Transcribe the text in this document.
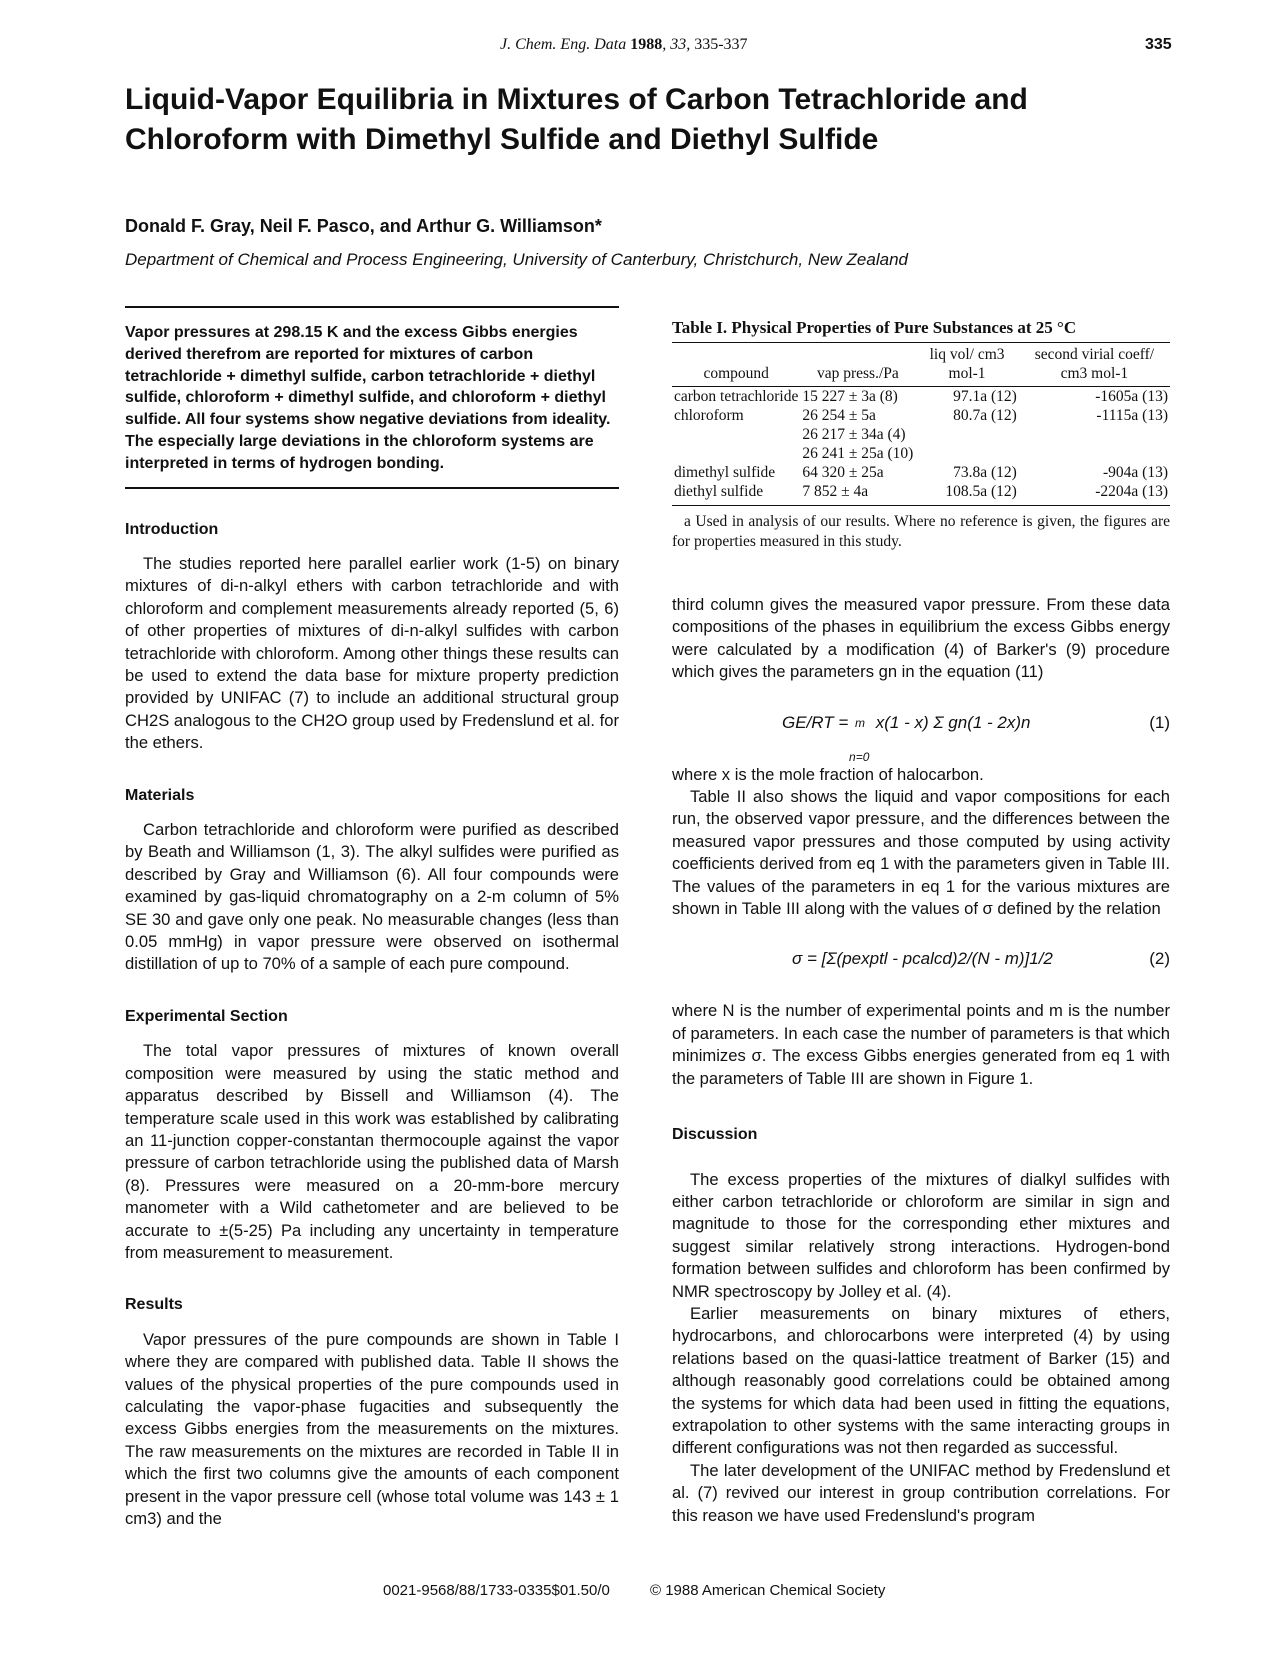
J. Chem. Eng. Data 1988, 33, 335-337	335
Liquid-Vapor Equilibria in Mixtures of Carbon Tetrachloride and Chloroform with Dimethyl Sulfide and Diethyl Sulfide
Donald F. Gray, Neil F. Pasco, and Arthur G. Williamson*
Department of Chemical and Process Engineering, University of Canterbury, Christchurch, New Zealand
Vapor pressures at 298.15 K and the excess Gibbs energies derived therefrom are reported for mixtures of carbon tetrachloride + dimethyl sulfide, carbon tetrachloride + diethyl sulfide, chloroform + dimethyl sulfide, and chloroform + diethyl sulfide. All four systems show negative deviations from ideality. The especially large deviations in the chloroform systems are interpreted in terms of hydrogen bonding.
Introduction

The studies reported here parallel earlier work (1-5) on binary mixtures of di-n-alkyl ethers with carbon tetrachloride and with chloroform and complement measurements already reported (5, 6) of other properties of mixtures of di-n-alkyl sulfides with carbon tetrachloride with chloroform. Among other things these results can be used to extend the data base for mixture property prediction provided by UNIFAC (7) to include an additional structural group CH2S analogous to the CH2O group used by Fredenslund et al. for the ethers.

Materials

Carbon tetrachloride and chloroform were purified as described by Beath and Williamson (1, 3). The alkyl sulfides were purified as described by Gray and Williamson (6). All four compounds were examined by gas-liquid chromatography on a 2-m column of 5% SE 30 and gave only one peak. No measurable changes (less than 0.05 mmHg) in vapor pressure were observed on isothermal distillation of up to 70% of a sample of each pure compound.

Experimental Section

The total vapor pressures of mixtures of known overall composition were measured by using the static method and apparatus described by Bissell and Williamson (4). The temperature scale used in this work was established by calibrating an 11-junction copper-constantan thermocouple against the vapor pressure of carbon tetrachloride using the published data of Marsh (8). Pressures were measured on a 20-mm-bore mercury manometer with a Wild cathetometer and are believed to be accurate to ±(5-25) Pa including any uncertainty in temperature from measurement to measurement.

Results

Vapor pressures of the pure compounds are shown in Table I where they are compared with published data. Table II shows the values of the physical properties of the pure compounds used in calculating the vapor-phase fugacities and subsequently the excess Gibbs energies from the measurements on the mixtures. The raw measurements on the mixtures are recorded in Table II in which the first two columns give the amounts of each component present in the vapor pressure cell (whose total volume was 143 ± 1 cm3) and the

Table I. Physical Properties of Pure Substances at 25 °C
compound	vap press./Pa	liq vol/ cm3 mol-1	second virial coeff/ cm3 mol-1
carbon tetrachloride	15 227 ± 3a (8)	97.1a (12)	-1605a (13)
chloroform	26 254 ± 5a	80.7a (12)	-1115a (13)
	26 217 ± 34a (4)		
	26 241 ± 25a (10)		
dimethyl sulfide	64 320 ± 25a	73.8a (12)	-904a (13)
diethyl sulfide	7 852 ± 4a	108.5a (12)	-2204a (13)
a Used in analysis of our results. Where no reference is given, the figures are for properties measured in this study.

third column gives the measured vapor pressure. From these data compositions of the phases in equilibrium the excess Gibbs energy were calculated by a modification (4) of Barker's (9) procedure which gives the parameters gn in the equation (11)

GE/RT = m
n=0
x(1 - x) Σ gn(1 - 2x)n	(1)

where x is the mole fraction of halocarbon.

Table II also shows the liquid and vapor compositions for each run, the observed vapor pressure, and the differences between the measured vapor pressures and those computed by using activity coefficients derived from eq 1 with the parameters given in Table III. The values of the parameters in eq 1 for the various mixtures are shown in Table III along with the values of σ defined by the relation

σ = [Σ(pexptl - pcalcd)2/(N - m)]1/2	(2)

where N is the number of experimental points and m is the number of parameters. In each case the number of parameters is that which minimizes σ. The excess Gibbs energies generated from eq 1 with the parameters of Table III are shown in Figure 1.

Discussion

The excess properties of the mixtures of dialkyl sulfides with either carbon tetrachloride or chloroform are similar in sign and magnitude to those for the corresponding ether mixtures and suggest similar relatively strong interactions. Hydrogen-bond formation between sulfides and chloroform has been confirmed by NMR spectroscopy by Jolley et al. (4).

Earlier measurements on binary mixtures of ethers, hydrocarbons, and chlorocarbons were interpreted (4) by using relations based on the quasi-lattice treatment of Barker (15) and although reasonably good correlations could be obtained among the systems for which data had been used in fitting the equations, extrapolation to other systems with the same interacting groups in different configurations was not then regarded as successful.

The later development of the UNIFAC method by Fredenslund et al. (7) revived our interest in group contribution correlations. For this reason we have used Fredenslund's program

0021-9568/88/1733-0335$01.50/0	© 1988 American Chemical Society
